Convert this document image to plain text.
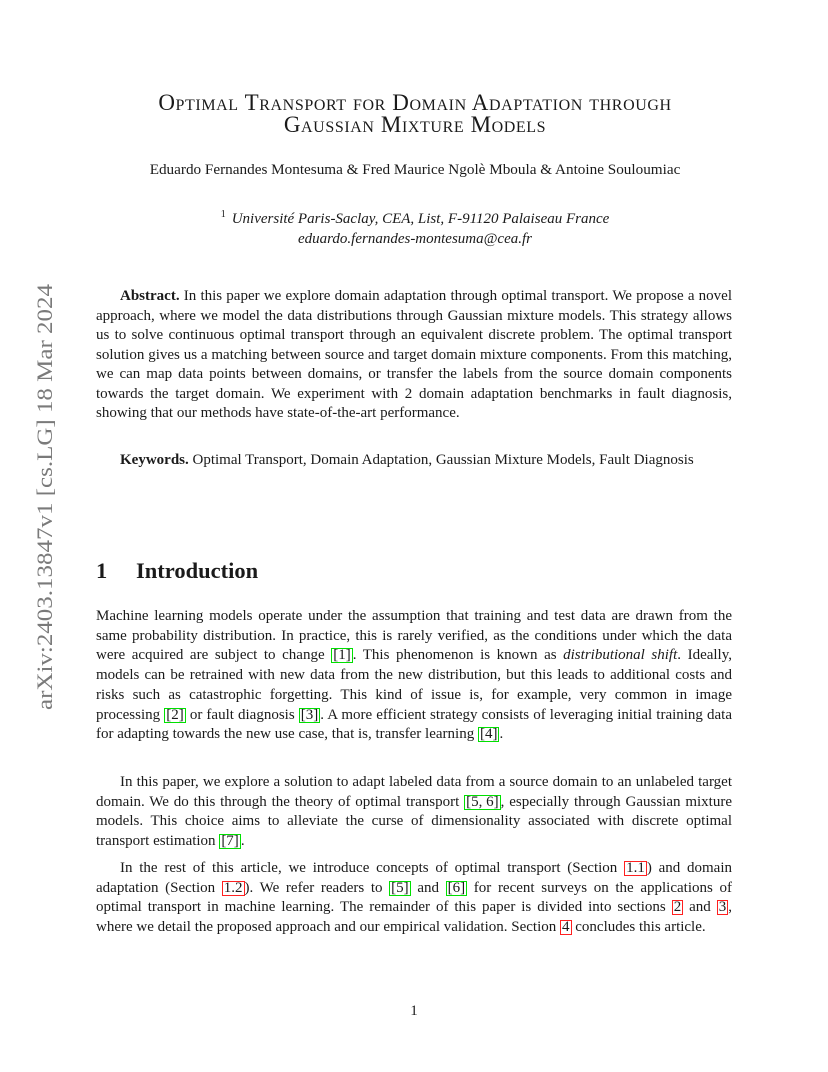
arXiv:2403.13847v1 [cs.LG] 18 Mar 2024
Optimal Transport for Domain Adaptation through
Gaussian Mixture Models
Eduardo Fernandes Montesuma & Fred Maurice Ngolè Mboula & Antoine Souloumiac
$^1$ Université Paris-Saclay, CEA, List, F-91120 Palaiseau France
eduardo.fernandes-montesuma@cea.fr

Abstract. In this paper we explore domain adaptation through optimal transport. We propose a novel approach, where we model the data distributions through Gaussian mixture models. This strategy allows us to solve continuous optimal transport through an equivalent discrete problem. The optimal transport solution gives us a matching between source and target domain mixture components. From this matching, we can map data points between domains, or transfer the labels from the source domain components towards the target domain. We experiment with 2 domain adaptation benchmarks in fault diagnosis, showing that our methods have state-of-the-art performance.

Keywords. Optimal Transport, Domain Adaptation, Gaussian Mixture Models, Fault Diagnosis

1 Introduction

Machine learning models operate under the assumption that training and test data are drawn from the same probability distribution. In practice, this is rarely verified, as the conditions under which the data were acquired are subject to change [1] . This phenomenon is known as distributional shift. Ideally, models can be retrained with new data from the new distribution, but this leads to additional costs and risks such as catastrophic forgetting. This kind of issue is, for example, very common in image processing [2] or fault diagnosis [3] . A more efficient strategy consists of leveraging initial training data for adapting towards the new use case, that is, transfer learning [4] .

In this paper, we explore a solution to adapt labeled data from a source domain to an unlabeled target domain. We do this through the theory of optimal transport [5, 6] , especially through Gaussian mixture models. This choice aims to alleviate the curse of dimensionality associated with discrete optimal transport estimation [7] .

In the rest of this article, we introduce concepts of optimal transport (Section 1.1 ) and domain adaptation (Section 1.2 ). We refer readers to [5] and [6] for recent surveys on the applications of optimal transport in machine learning. The remainder of this paper is divided into sections 2 and 3 , where we detail the proposed approach and our empirical validation. Section 4 concludes this article.

1
